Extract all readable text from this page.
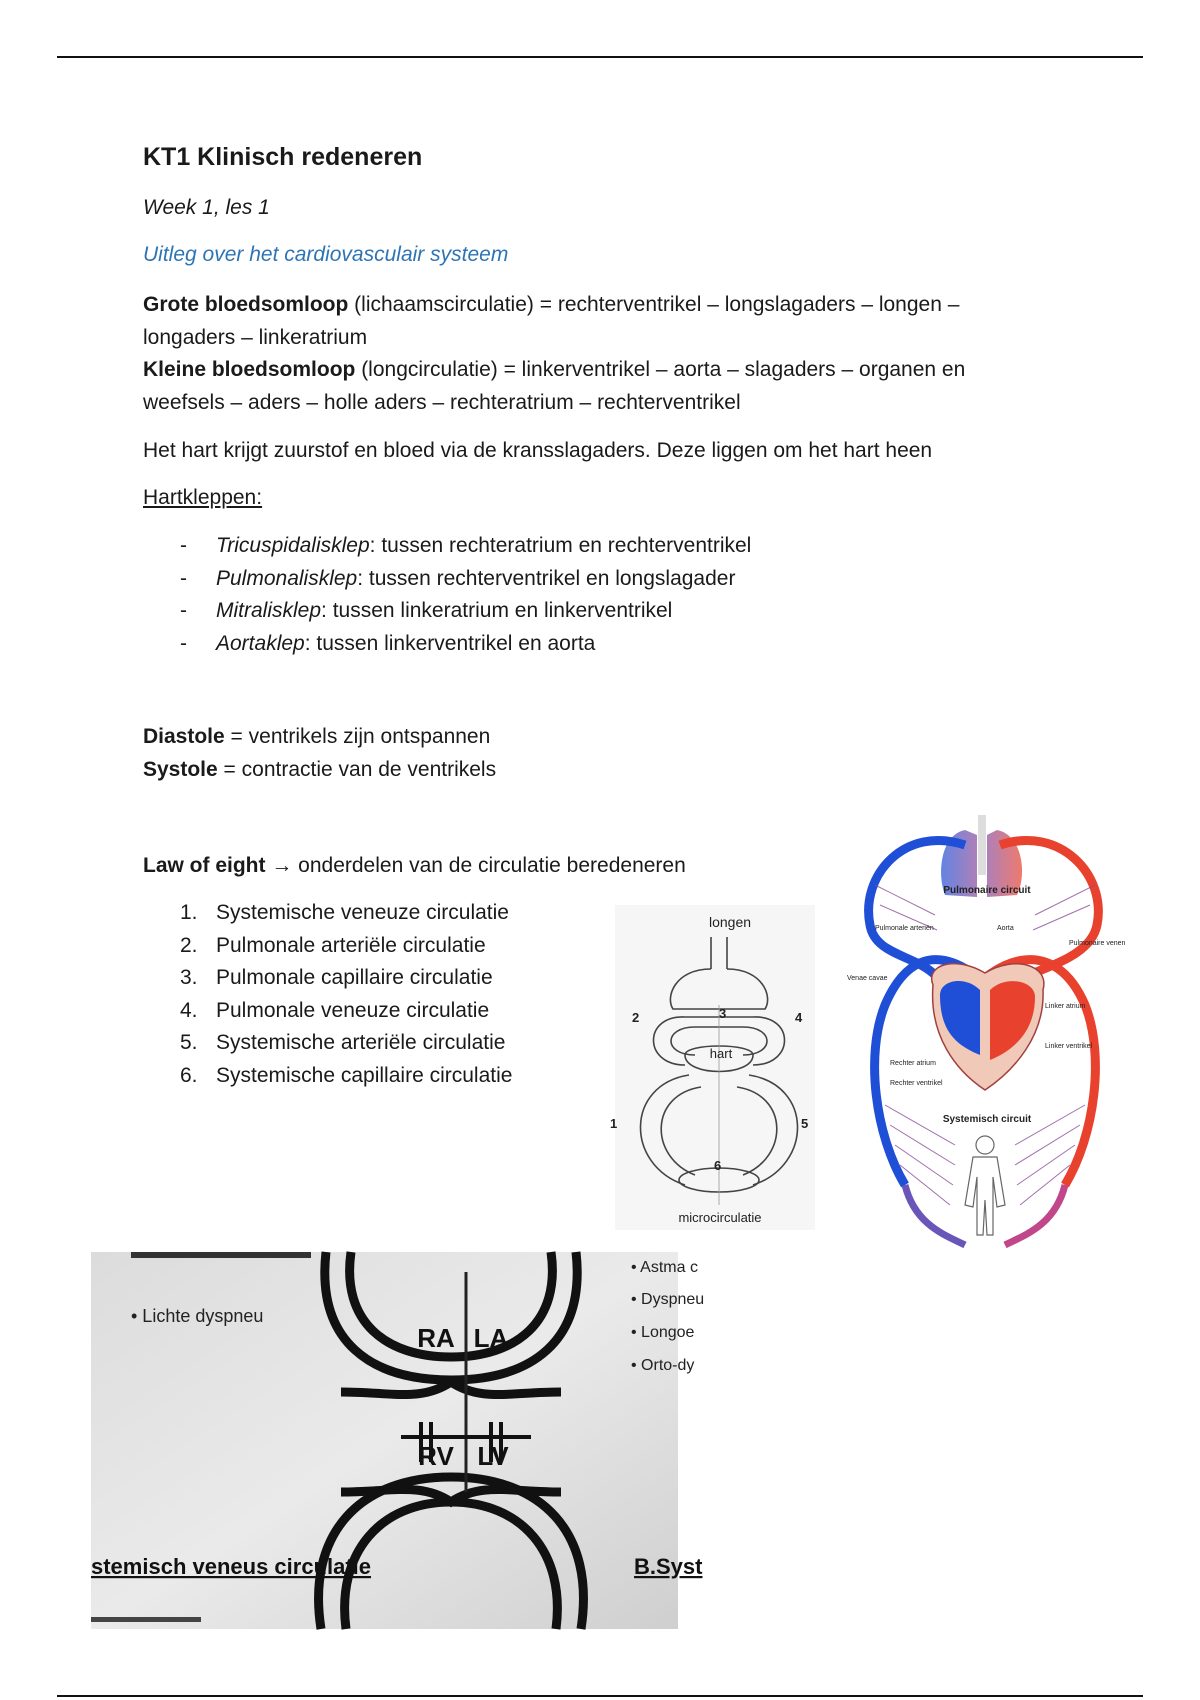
KT1 Klinisch redeneren
Week 1, les 1
Uitleg over het cardiovasculair systeem
Grote bloedsomloop (lichaamscirculatie) = rechterventrikel – longslagaders – longen – longaders – linkeratrium
Kleine bloedsomloop (longcirculatie) = linkerventrikel – aorta – slagaders – organen en weefsels – aders – holle aders – rechteratrium – rechterventrikel
Het hart krijgt zuurstof en bloed via de kransslagaders. Deze liggen om het hart heen
Hartkleppen:
-	Tricuspidalisklep: tussen rechteratrium en rechterventrikel
-	Pulmonalisklep: tussen rechterventrikel en longslagader
-	Mitralisklep: tussen linkeratrium en linkerventrikel
-	Aortaklep: tussen linkerventrikel en aorta
Diastole = ventrikels zijn ontspannen
Systole = contractie van de ventrikels
Law of eight → onderdelen van de circulatie beredeneren
1. Systemische veneuze circulatie
2. Pulmonale arteriële circulatie
3. Pulmonale capillaire circulatie
4. Pulmonale veneuze circulatie
5. Systemische arteriële circulatie
6. Systemische capillaire circulatie
longen
hart
microcirculatie
1
2	3	4
5
6
Pulmonaire circuit
Systemisch circuit
Pulmonale arteriën	Aorta
Pulmonaire venen
Venae cavae
Linker atrium
Linker ventrikel
Rechter atrium
Rechter ventrikel
RA LA
RV LV
• Lichte dyspneu
• Astma c
• Dyspneu
• Longoe
• Orto-dy
stemisch veneus circulatie	B.Syst
